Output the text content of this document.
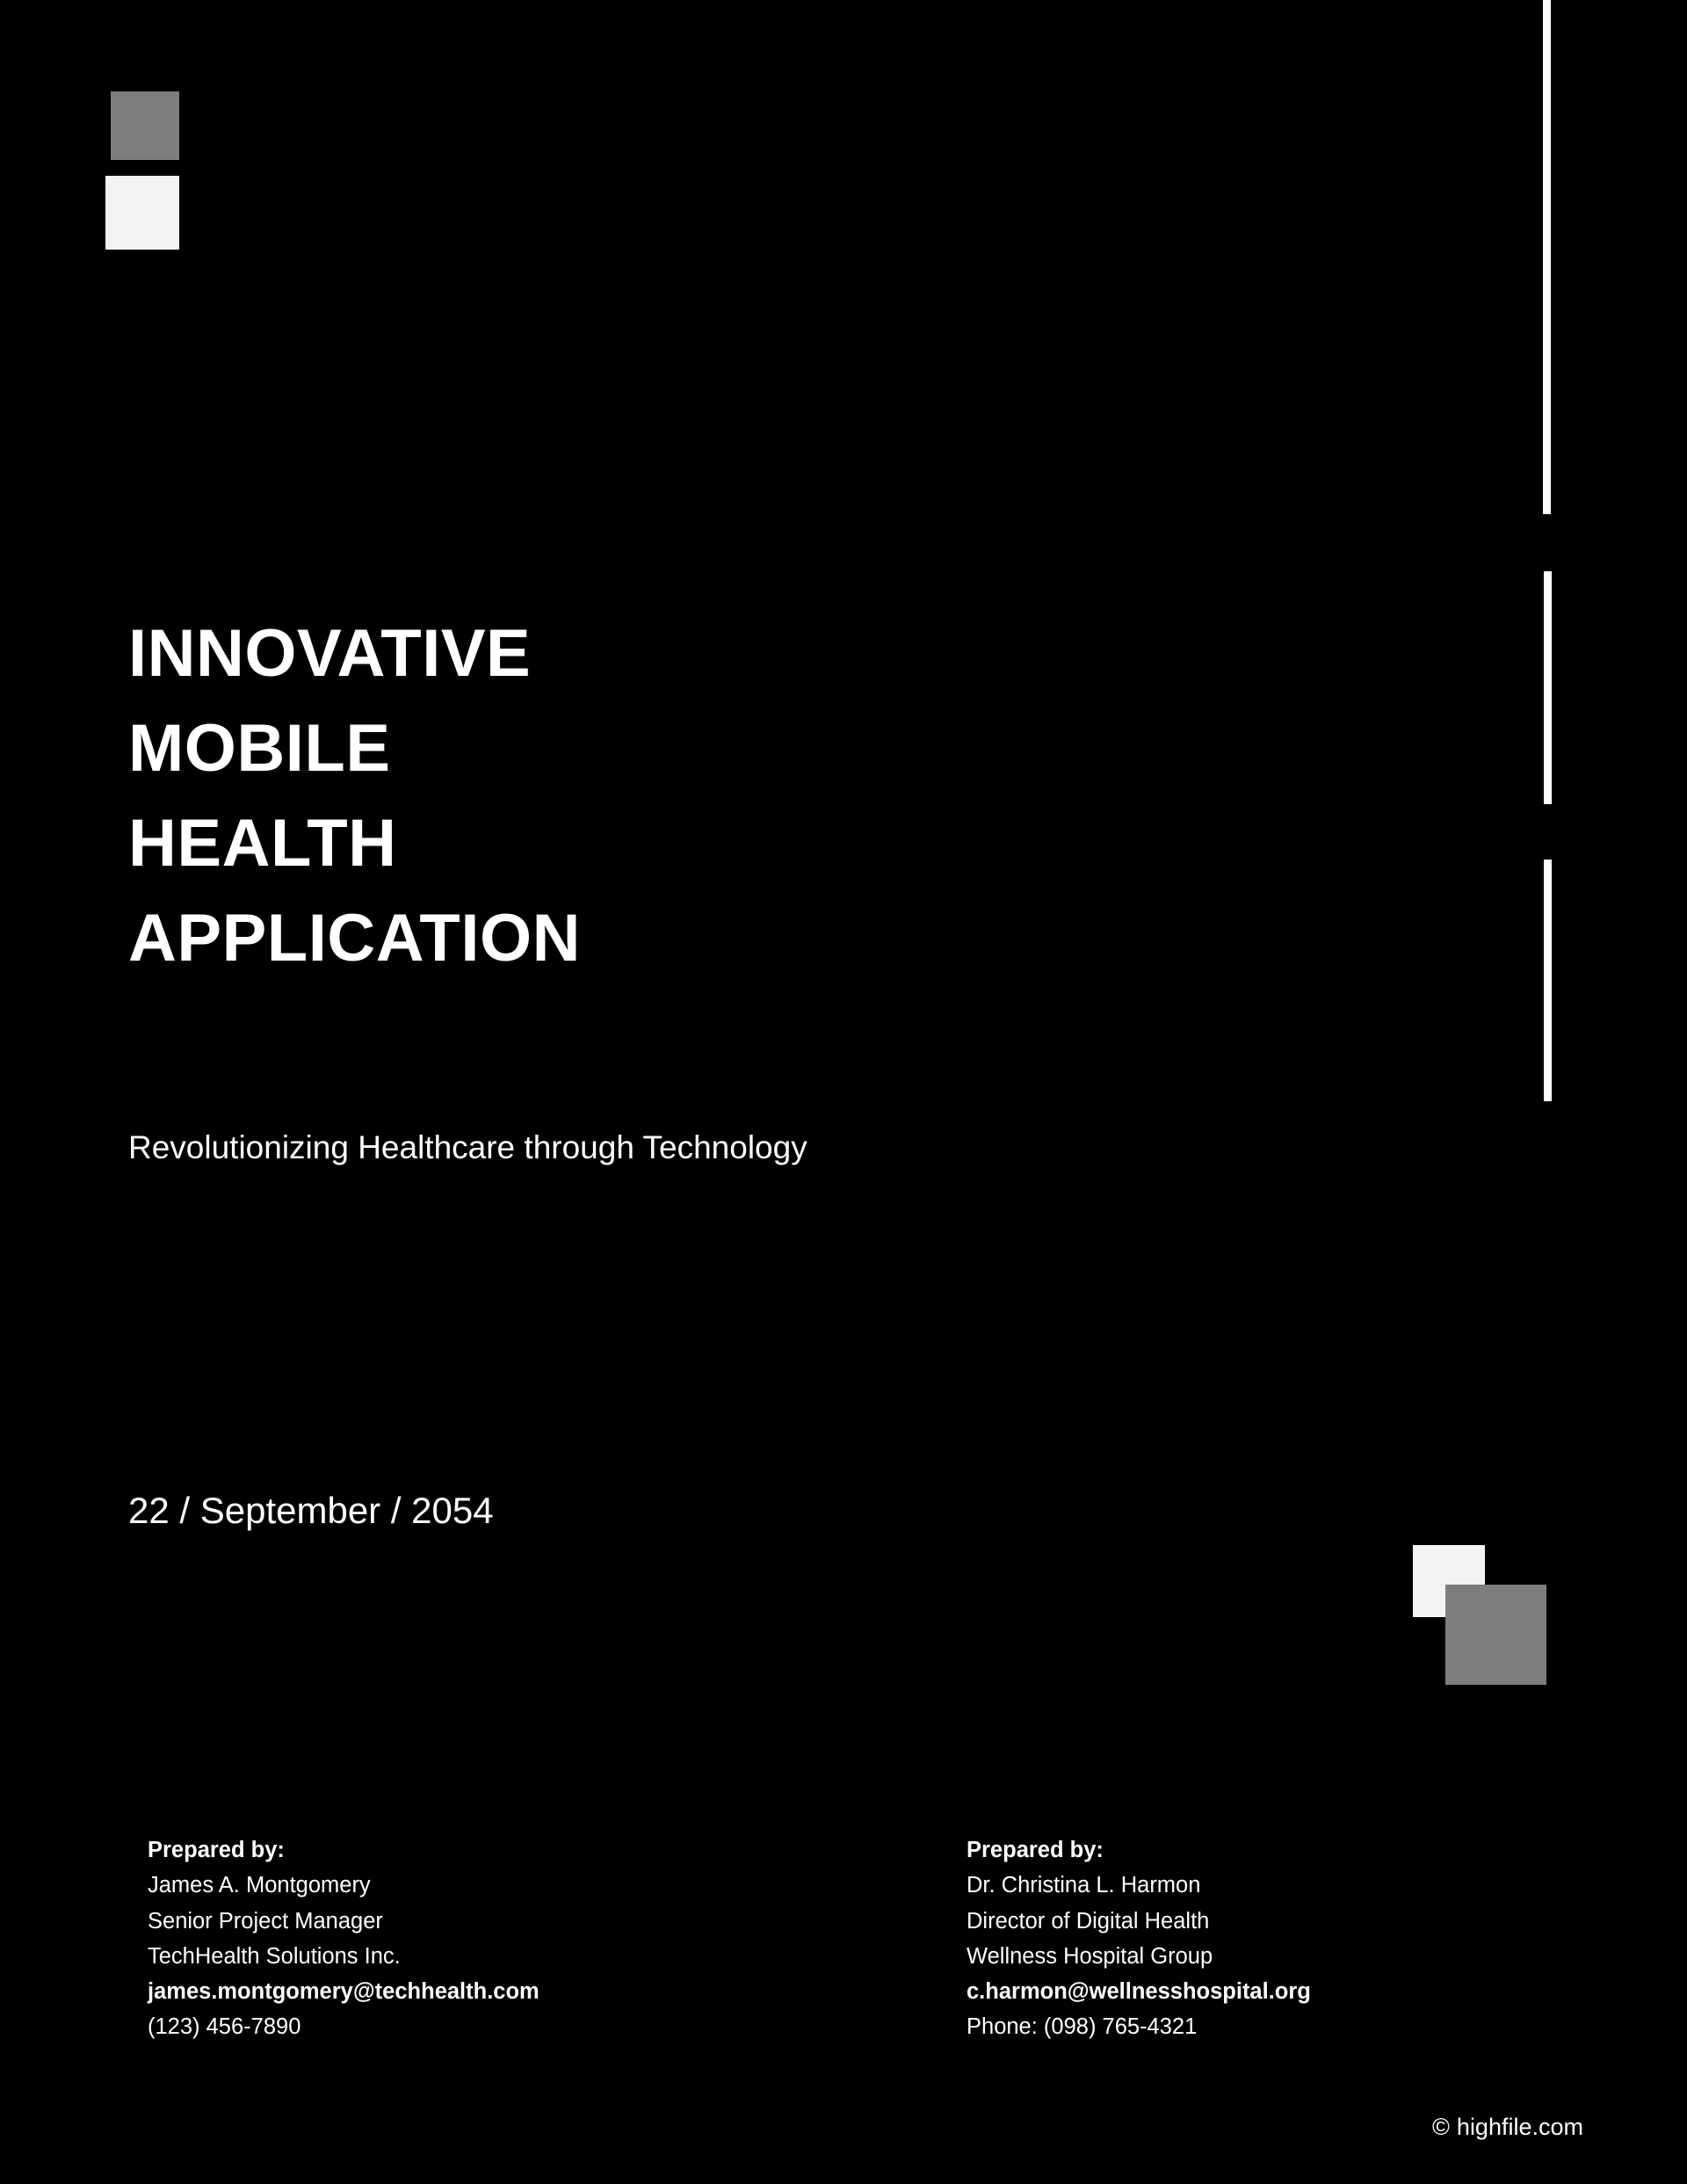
INNOVATIVE
MOBILE
HEALTH
APPLICATION
Revolutionizing Healthcare through Technology
22 / September / 2054
Prepared by:
James A. Montgomery
Senior Project Manager
TechHealth Solutions Inc.
james.montgomery@techhealth.com
(123) 456-7890
Prepared by:
Dr. Christina L. Harmon
Director of Digital Health
Wellness Hospital Group
c.harmon@wellnesshospital.org
Phone: (098) 765-4321
© highfile.com
